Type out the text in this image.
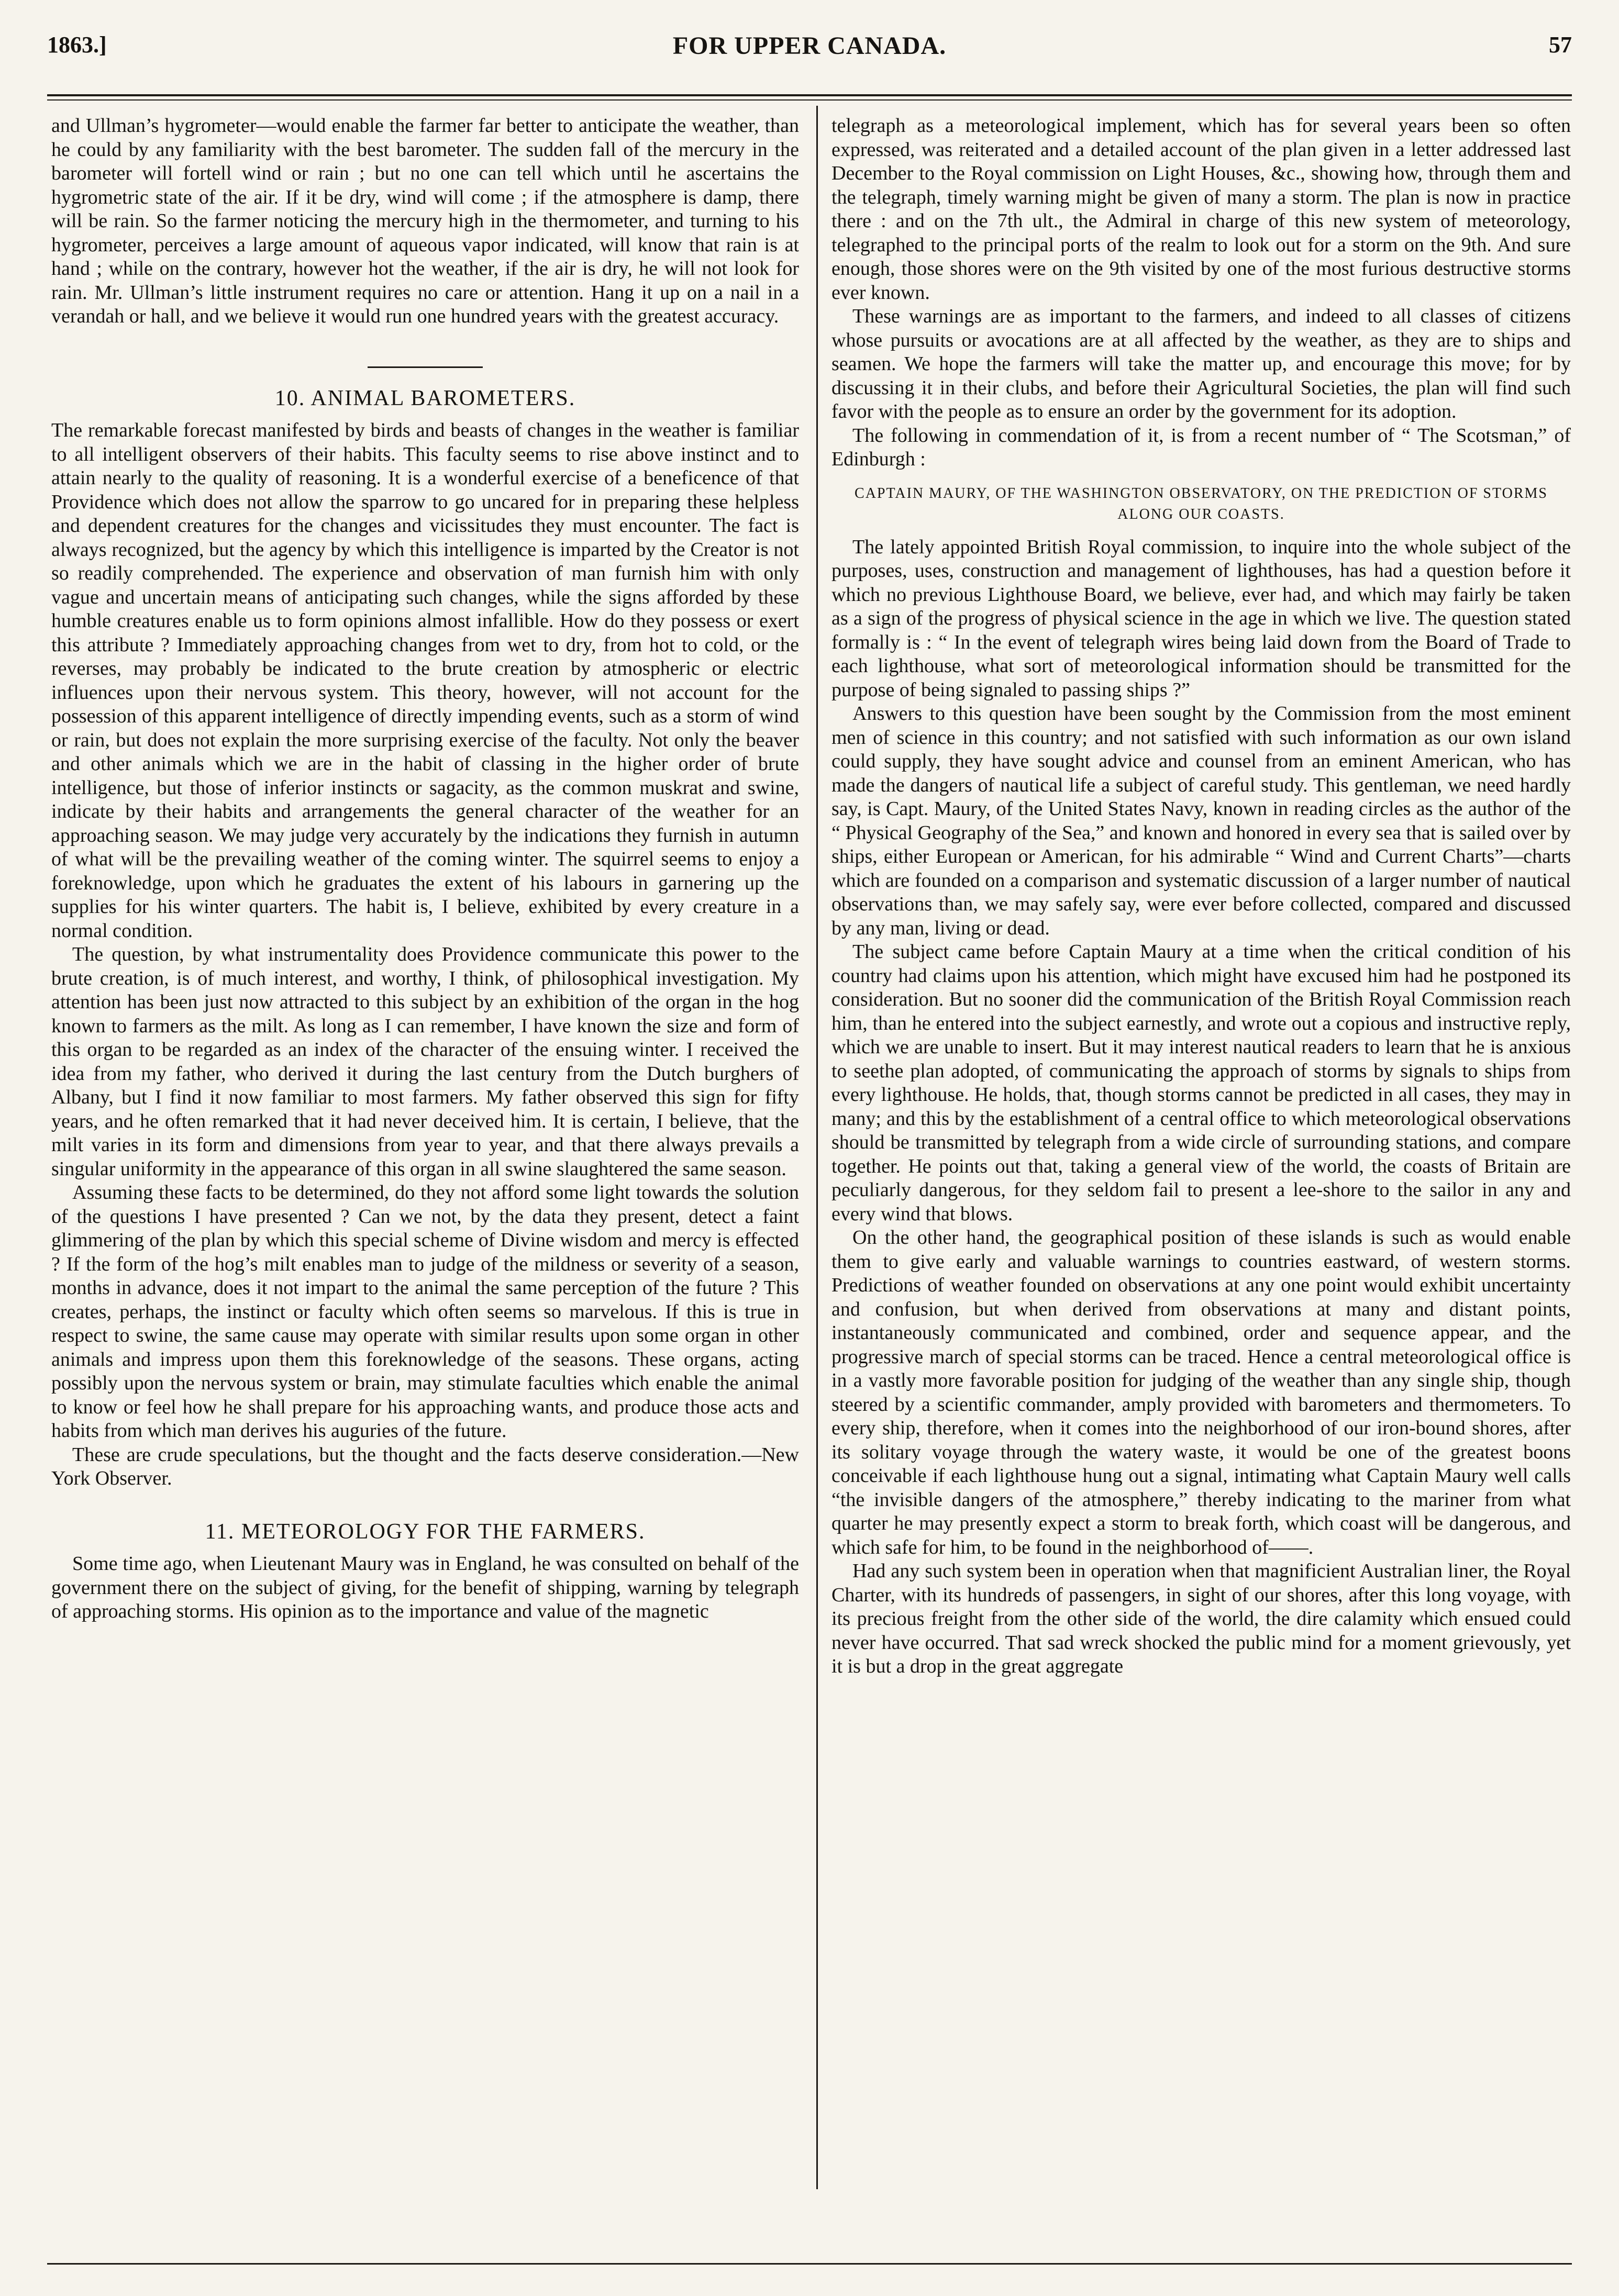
1863.]	FOR UPPER CANADA.	57

and Ullman’s hygrometer—would enable the farmer far better to anticipate the weather, than he could by any familiarity with the best barometer. The sudden fall of the mercury in the barometer will fortell wind or rain ; but no one can tell which until he ascertains the hygrometric state of the air. If it be dry, wind will come ; if the atmosphere is damp, there will be rain. So the farmer noticing the mercury high in the thermometer, and turning to his hygrometer, perceives a large amount of aqueous vapor indicated, will know that rain is at hand ; while on the contrary, however hot the weather, if the air is dry, he will not look for rain. Mr. Ullman’s little instrument requires no care or attention. Hang it up on a nail in a verandah or hall, and we believe it would run one hundred years with the greatest accuracy.

10. ANIMAL BAROMETERS.

The remarkable forecast manifested by birds and beasts of changes in the weather is familiar to all intelligent observers of their habits. This faculty seems to rise above instinct and to attain nearly to the quality of reasoning. It is a wonderful exercise of a beneficence of that Providence which does not allow the sparrow to go uncared for in preparing these helpless and dependent creatures for the changes and vicissitudes they must encounter. The fact is always recognized, but the agency by which this intelligence is imparted by the Creator is not so readily comprehended. The experience and observation of man furnish him with only vague and uncertain means of anticipating such changes, while the signs afforded by these humble creatures enable us to form opinions almost infallible. How do they possess or exert this attribute ? Immediately approaching changes from wet to dry, from hot to cold, or the reverses, may probably be indicated to the brute creation by atmospheric or electric influences upon their nervous system. This theory, however, will not account for the possession of this apparent intelligence of directly impending events, such as a storm of wind or rain, but does not explain the more surprising exercise of the faculty. Not only the beaver and other animals which we are in the habit of classing in the higher order of brute intelligence, but those of inferior instincts or sagacity, as the common muskrat and swine, indicate by their habits and arrangements the general character of the weather for an approaching season. We may judge very accurately by the indications they furnish in autumn of what will be the prevailing weather of the coming winter. The squirrel seems to enjoy a foreknowledge, upon which he graduates the extent of his labours in garnering up the supplies for his winter quarters. The habit is, I believe, exhibited by every creature in a normal condition.

The question, by what instrumentality does Providence communicate this power to the brute creation, is of much interest, and worthy, I think, of philosophical investigation. My attention has been just now attracted to this subject by an exhibition of the organ in the hog known to farmers as the milt. As long as I can remember, I have known the size and form of this organ to be regarded as an index of the character of the ensuing winter. I received the idea from my father, who derived it during the last century from the Dutch burghers of Albany, but I find it now familiar to most farmers. My father observed this sign for fifty years, and he often remarked that it had never deceived him. It is certain, I believe, that the milt varies in its form and dimensions from year to year, and that there always prevails a singular uniformity in the appearance of this organ in all swine slaughtered the same season.

Assuming these facts to be determined, do they not afford some light towards the solution of the questions I have presented ? Can we not, by the data they present, detect a faint glimmering of the plan by which this special scheme of Divine wisdom and mercy is effected ? If the form of the hog’s milt enables man to judge of the mildness or severity of a season, months in advance, does it not impart to the animal the same perception of the future ? This creates, perhaps, the instinct or faculty which often seems so marvelous. If this is true in respect to swine, the same cause may operate with similar results upon some organ in other animals and impress upon them this foreknowledge of the seasons. These organs, acting possibly upon the nervous system or brain, may stimulate faculties which enable the animal to know or feel how he shall prepare for his approaching wants, and produce those acts and habits from which man derives his auguries of the future.

These are crude speculations, but the thought and the facts deserve consideration.—New York Observer.

11. METEOROLOGY FOR THE FARMERS.

Some time ago, when Lieutenant Maury was in England, he was consulted on behalf of the government there on the subject of giving, for the benefit of shipping, warning by telegraph of approaching storms. His opinion as to the importance and value of the magnetic

telegraph as a meteorological implement, which has for several years been so often expressed, was reiterated and a detailed account of the plan given in a letter addressed last December to the Royal commission on Light Houses, &c., showing how, through them and the telegraph, timely warning might be given of many a storm. The plan is now in practice there : and on the 7th ult., the Admiral in charge of this new system of meteorology, telegraphed to the principal ports of the realm to look out for a storm on the 9th. And sure enough, those shores were on the 9th visited by one of the most furious destructive storms ever known.

These warnings are as important to the farmers, and indeed to all classes of citizens whose pursuits or avocations are at all affected by the weather, as they are to ships and seamen. We hope the farmers will take the matter up, and encourage this move; for by discussing it in their clubs, and before their Agricultural Societies, the plan will find such favor with the people as to ensure an order by the government for its adoption.

The following in commendation of it, is from a recent number of “ The Scotsman,” of Edinburgh :

CAPTAIN MAURY, OF THE WASHINGTON OBSERVATORY, ON THE PREDICTION OF STORMS ALONG OUR COASTS.

The lately appointed British Royal commission, to inquire into the whole subject of the purposes, uses, construction and management of lighthouses, has had a question before it which no previous Lighthouse Board, we believe, ever had, and which may fairly be taken as a sign of the progress of physical science in the age in which we live. The question stated formally is : “ In the event of telegraph wires being laid down from the Board of Trade to each lighthouse, what sort of meteorological information should be transmitted for the purpose of being signaled to passing ships ?”

Answers to this question have been sought by the Commission from the most eminent men of science in this country; and not satisfied with such information as our own island could supply, they have sought advice and counsel from an eminent American, who has made the dangers of nautical life a subject of careful study. This gentleman, we need hardly say, is Capt. Maury, of the United States Navy, known in reading circles as the author of the “ Physical Geography of the Sea,” and known and honored in every sea that is sailed over by ships, either European or American, for his admirable “ Wind and Current Charts”—charts which are founded on a comparison and systematic discussion of a larger number of nautical observations than, we may safely say, were ever before collected, compared and discussed by any man, living or dead.

The subject came before Captain Maury at a time when the critical condition of his country had claims upon his attention, which might have excused him had he postponed its consideration. But no sooner did the communication of the British Royal Commission reach him, than he entered into the subject earnestly, and wrote out a copious and instructive reply, which we are unable to insert. But it may interest nautical readers to learn that he is anxious to seethe plan adopted, of communicating the approach of storms by signals to ships from every lighthouse. He holds, that, though storms cannot be predicted in all cases, they may in many; and this by the establishment of a central office to which meteorological observations should be transmitted by telegraph from a wide circle of surrounding stations, and compare together. He points out that, taking a general view of the world, the coasts of Britain are peculiarly dangerous, for they seldom fail to present a lee-shore to the sailor in any and every wind that blows.

On the other hand, the geographical position of these islands is such as would enable them to give early and valuable warnings to countries eastward, of western storms. Predictions of weather founded on observations at any one point would exhibit uncertainty and confusion, but when derived from observations at many and distant points, instantaneously communicated and combined, order and sequence appear, and the progressive march of special storms can be traced. Hence a central meteorological office is in a vastly more favorable position for judging of the weather than any single ship, though steered by a scientific commander, amply provided with barometers and thermometers. To every ship, therefore, when it comes into the neighborhood of our iron-bound shores, after its solitary voyage through the watery waste, it would be one of the greatest boons conceivable if each lighthouse hung out a signal, intimating what Captain Maury well calls “the invisible dangers of the atmosphere,” thereby indicating to the mariner from what quarter he may presently expect a storm to break forth, which coast will be dangerous, and which safe for him, to be found in the neighborhood of——.

Had any such system been in operation when that magnificient Australian liner, the Royal Charter, with its hundreds of passengers, in sight of our shores, after this long voyage, with its precious freight from the other side of the world, the dire calamity which ensued could never have occurred. That sad wreck shocked the public mind for a moment grievously, yet it is but a drop in the great aggregate
